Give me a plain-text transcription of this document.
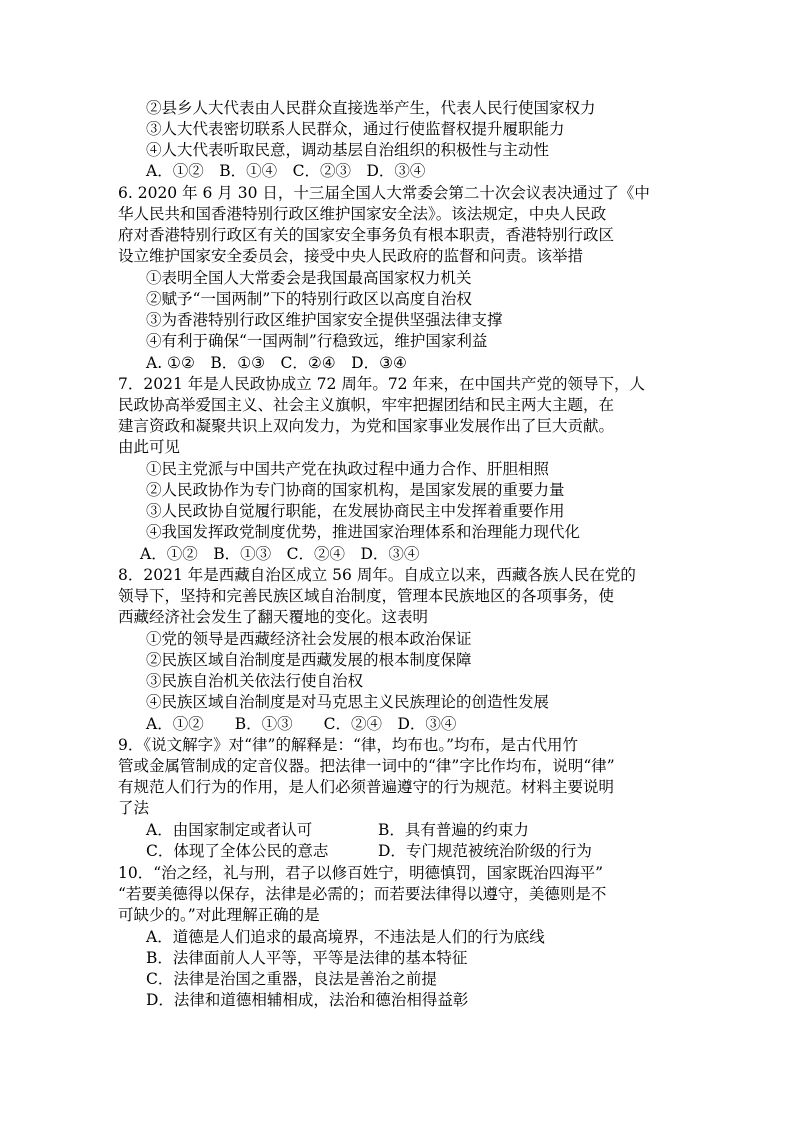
②县乡人大代表由人民群众直接选举产生，代表人民行使国家权力
③人大代表密切联系人民群众，通过行使监督权提升履职能力
④人大代表听取民意，调动基层自治组织的积极性与主动性
A．①②　B．①④　C．②③　D．③④
6. 2020 年 6 月 30 日，十三届全国人大常委会第二十次会议表决通过了《中
华人民共和国香港特别行政区维护国家安全法》。该法规定，中央人民政
府对香港特别行政区有关的国家安全事务负有根本职责，香港特别行政区
设立维护国家安全委员会，接受中央人民政府的监督和问责。该举措
①表明全国人大常委会是我国最高国家权力机关
②赋予“一国两制”下的特别行政区以高度自治权
③为香港特别行政区维护国家安全提供坚强法律支撑
④有利于确保“一国两制”行稳致远，维护国家利益
A. ①②　B．①③　C．②④　D．③④
7．2021 年是人民政协成立 72 周年。72 年来，在中国共产党的领导下，人
民政协高举爱国主义、社会主义旗帜，牢牢把握团结和民主两大主题，在
建言资政和凝聚共识上双向发力，为党和国家事业发展作出了巨大贡献。
由此可见
①民主党派与中国共产党在执政过程中通力合作、肝胆相照
②人民政协作为专门协商的国家机构，是国家发展的重要力量
③人民政协自觉履行职能，在发展协商民主中发挥着重要作用
④我国发挥政党制度优势，推进国家治理体系和治理能力现代化
A．①②　B．①③　C．②④　D．③④
8．2021 年是西藏自治区成立 56 周年。自成立以来，西藏各族人民在党的
领导下，坚持和完善民族区域自治制度，管理本民族地区的各项事务，使
西藏经济社会发生了翻天覆地的变化。这表明
①党的领导是西藏经济社会发展的根本政治保证
②民族区域自治制度是西藏发展的根本制度保障
③民族自治机关依法行使自治权
④民族区域自治制度是对马克思主义民族理论的创造性发展
A．①②　　B．①③　　C．②④　D．③④
9．《说文解字》对“律”的解释是：“律，均布也。”均布，是古代用竹
管或金属管制成的定音仪器。把法律一词中的“律”字比作均布，说明“律”
有规范人们行为的作用，是人们必须普遍遵守的行为规范。材料主要说明
了法
A．由国家制定或者认可	B．具有普遍的约束力
C．体现了全体公民的意志	D．专门规范被统治阶级的行为
10．“治之经，礼与刑，君子以修百姓宁，明德慎罚，国家既治四海平”
“若要美德得以保存，法律是必需的；而若要法律得以遵守，美德则是不
可缺少的。”对此理解正确的是
A．道德是人们追求的最高境界，不违法是人们的行为底线
B．法律面前人人平等，平等是法律的基本特征
C．法律是治国之重器，良法是善治之前提
D．法律和道德相辅相成，法治和德治相得益彰
